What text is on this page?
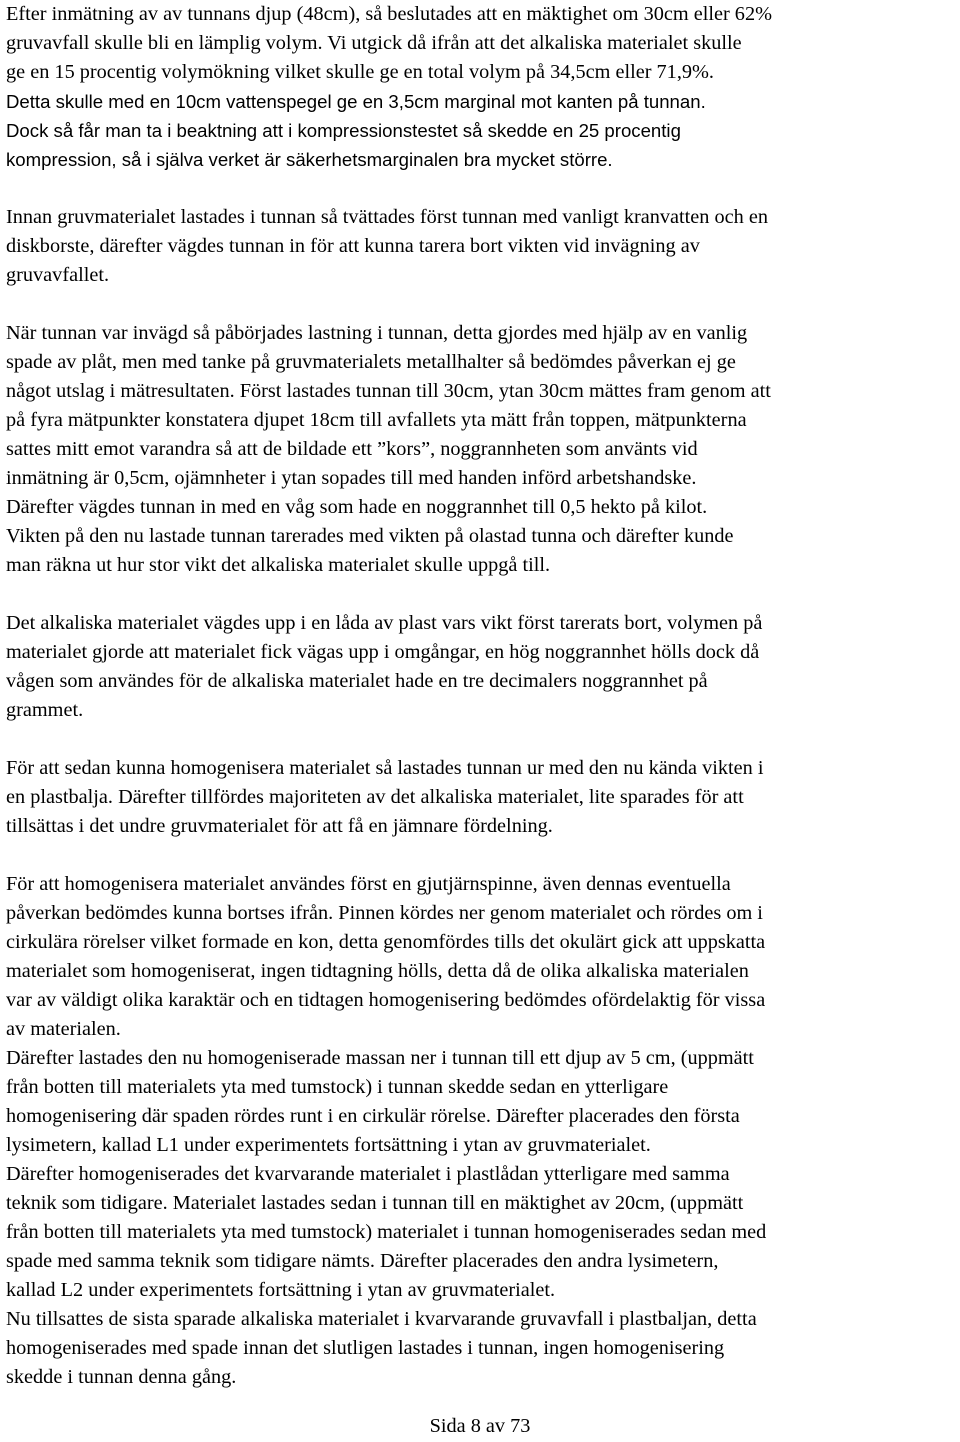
Efter inmätning av av tunnans djup (48cm), så beslutades att en mäktighet om 30cm eller 62%
gruvavfall skulle bli en lämplig volym. Vi utgick då ifrån att det alkaliska materialet skulle
ge en 15 procentig volymökning vilket skulle ge en total volym på 34,5cm eller 71,9%.
Detta skulle med en 10cm vattenspegel ge en 3,5cm marginal mot kanten på tunnan.
Dock så får man ta i beaktning att i kompressionstestet så skedde en 25 procentig
kompression, så i själva verket är säkerhetsmarginalen bra mycket större.
Innan gruvmaterialet lastades i tunnan så tvättades först tunnan med vanligt kranvatten och en
diskborste, därefter vägdes tunnan in för att kunna tarera bort vikten vid invägning av
gruvavfallet.
När tunnan var invägd så påbörjades lastning i tunnan, detta gjordes med hjälp av en vanlig
spade av plåt, men med tanke på gruvmaterialets metallhalter så bedömdes påverkan ej ge
något utslag i mätresultaten. Först lastades tunnan till 30cm, ytan 30cm mättes fram genom att
på fyra mätpunkter konstatera djupet 18cm till avfallets yta mätt från toppen, mätpunkterna
sattes mitt emot varandra så att de bildade ett ”kors”, noggrannheten som använts vid
inmätning är 0,5cm, ojämnheter i ytan sopades till med handen införd arbetshandske.
Därefter vägdes tunnan in med en våg som hade en noggrannhet till 0,5 hekto på kilot.
Vikten på den nu lastade tunnan tarerades med vikten på olastad tunna och därefter kunde
man räkna ut hur stor vikt det alkaliska materialet skulle uppgå till.
Det alkaliska materialet vägdes upp i en låda av plast vars vikt först tarerats bort, volymen på
materialet gjorde att materialet fick vägas upp i omgångar, en hög noggrannhet hölls dock då
vågen som användes för de alkaliska materialet hade en tre decimalers noggrannhet på
grammet.
För att sedan kunna homogenisera materialet så lastades tunnan ur med den nu kända vikten i
en plastbalja. Därefter tillfördes majoriteten av det alkaliska materialet, lite sparades för att
tillsättas i det undre gruvmaterialet för att få en jämnare fördelning.
För att homogenisera materialet användes först en gjutjärnspinne, även dennas eventuella
påverkan bedömdes kunna bortses ifrån. Pinnen kördes ner genom materialet och rördes om i
cirkulära rörelser vilket formade en kon, detta genomfördes tills det okulärt gick att uppskatta
materialet som homogeniserat, ingen tidtagning hölls, detta då de olika alkaliska materialen
var av väldigt olika karaktär och en tidtagen homogenisering bedömdes ofördelaktig för vissa
av materialen.
Därefter lastades den nu homogeniserade massan ner i tunnan till ett djup av 5 cm, (uppmätt
från botten till materialets yta med tumstock) i tunnan skedde sedan en ytterligare
homogenisering där spaden rördes runt i en cirkulär rörelse. Därefter placerades den första
lysimetern, kallad L1 under experimentets fortsättning i ytan av gruvmaterialet.
Därefter homogeniserades det kvarvarande materialet i plastlådan ytterligare med samma
teknik som tidigare. Materialet lastades sedan i tunnan till en mäktighet av 20cm, (uppmätt
från botten till materialets yta med tumstock) materialet i tunnan homogeniserades sedan med
spade med samma teknik som tidigare nämts. Därefter placerades den andra lysimetern,
kallad L2 under experimentets fortsättning i ytan av gruvmaterialet.
Nu tillsattes de sista sparade alkaliska materialet i kvarvarande gruvavfall i plastbaljan, detta
homogeniserades med spade innan det slutligen lastades i tunnan, ingen homogenisering
skedde i tunnan denna gång.
Sida 8 av 73
